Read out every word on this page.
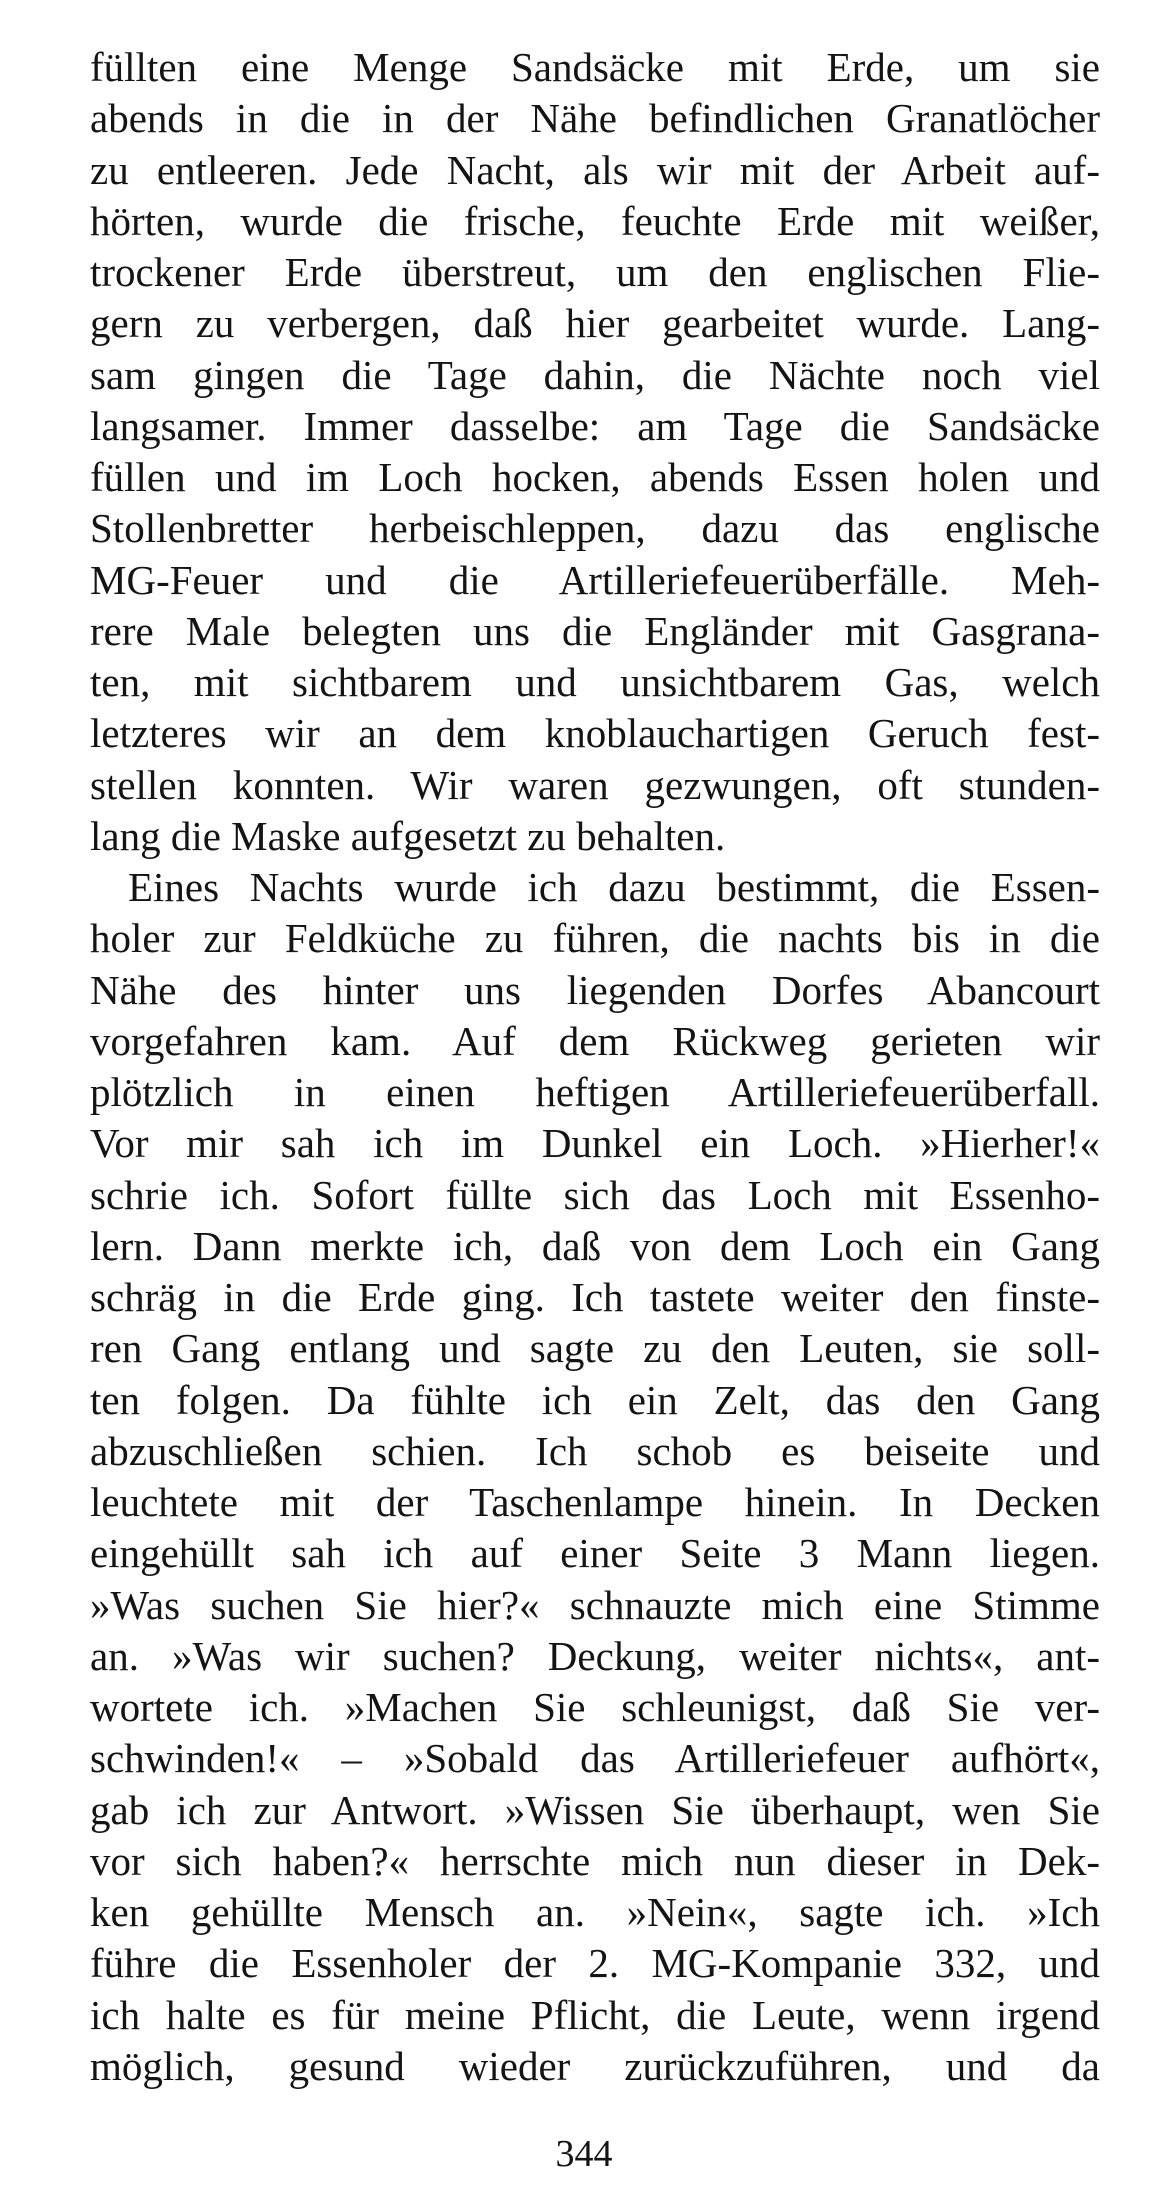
füllten eine Menge Sandsäcke mit Erde, um sie
abends in die in der Nähe befindlichen Granatlöcher
zu entleeren. Jede Nacht, als wir mit der Arbeit auf-
hörten, wurde die frische, feuchte Erde mit weißer,
trockener Erde überstreut, um den englischen Flie-
gern zu verbergen, daß hier gearbeitet wurde. Lang-
sam gingen die Tage dahin, die Nächte noch viel
langsamer. Immer dasselbe: am Tage die Sandsäcke
füllen und im Loch hocken, abends Essen holen und
Stollenbretter herbeischleppen, dazu das englische
MG-Feuer und die Artilleriefeuerüberfälle. Meh-
rere Male belegten uns die Engländer mit Gasgrana-
ten, mit sichtbarem und unsichtbarem Gas, welch
letzteres wir an dem knoblauchartigen Geruch fest-
stellen konnten. Wir waren gezwungen, oft stunden-
lang die Maske aufgesetzt zu behalten.
Eines Nachts wurde ich dazu bestimmt, die Essen-
holer zur Feldküche zu führen, die nachts bis in die
Nähe des hinter uns liegenden Dorfes Abancourt
vorgefahren kam. Auf dem Rückweg gerieten wir
plötzlich in einen heftigen Artilleriefeuerüberfall.
Vor mir sah ich im Dunkel ein Loch. »Hierher!«
schrie ich. Sofort füllte sich das Loch mit Essenho-
lern. Dann merkte ich, daß von dem Loch ein Gang
schräg in die Erde ging. Ich tastete weiter den finste-
ren Gang entlang und sagte zu den Leuten, sie soll-
ten folgen. Da fühlte ich ein Zelt, das den Gang
abzuschließen schien. Ich schob es beiseite und
leuchtete mit der Taschenlampe hinein. In Decken
eingehüllt sah ich auf einer Seite 3 Mann liegen.
»Was suchen Sie hier?« schnauzte mich eine Stimme
an. »Was wir suchen? Deckung, weiter nichts«, ant-
wortete ich. »Machen Sie schleunigst, daß Sie ver-
schwinden!« – »Sobald das Artilleriefeuer aufhört«,
gab ich zur Antwort. »Wissen Sie überhaupt, wen Sie
vor sich haben?« herrschte mich nun dieser in Dek-
ken gehüllte Mensch an. »Nein«, sagte ich. »Ich
führe die Essenholer der 2. MG-Kompanie 332, und
ich halte es für meine Pflicht, die Leute, wenn irgend
möglich, gesund wieder zurückzuführen, und da
344
